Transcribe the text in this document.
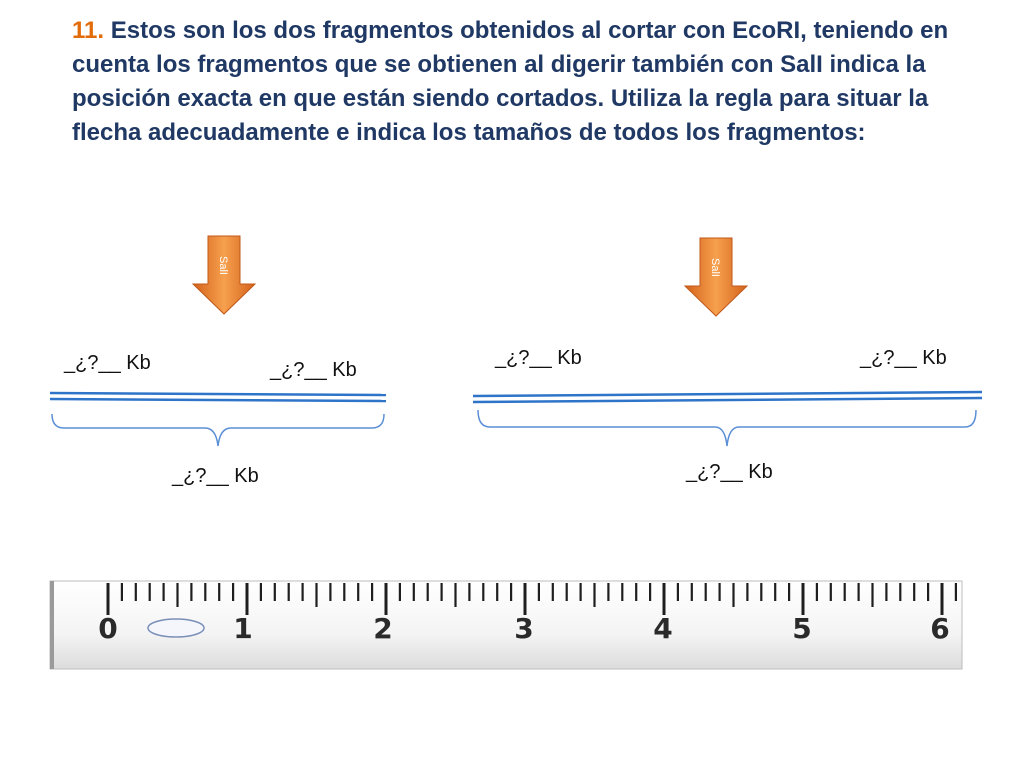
11. Estos son los dos fragmentos obtenidos al cortar con EcoRI, teniendo en cuenta los fragmentos que se obtienen al digerir también con SalI indica la posición exacta en que están siendo cortados. Utiliza la regla para situar la flecha adecuadamente e indica los tamaños de todos los fragmentos:

SalI	SalI
0	1	2	3	4	5	6
_¿?__ Kb	_¿?__ Kb
_¿?__ Kb
_¿?__ Kb	_¿?__ Kb
_¿?__ Kb
